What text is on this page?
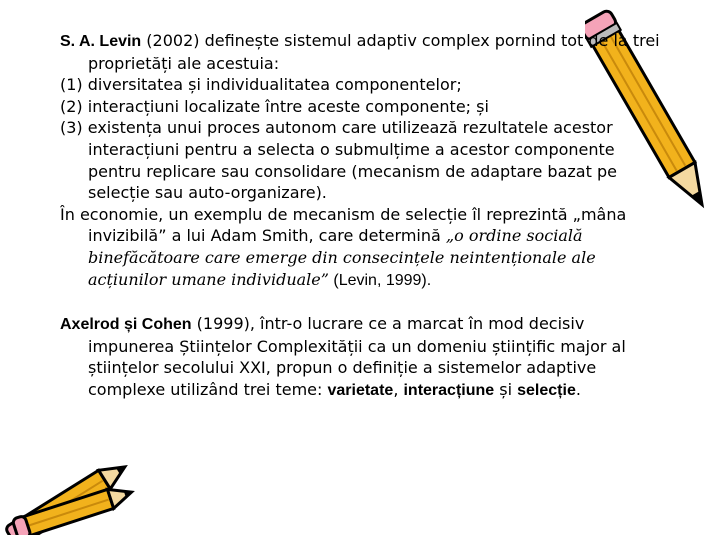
S. A. Levin (2002) definește sistemul adaptiv complex pornind tot de la trei proprietăți ale acestuia:

(1) diversitatea și individualitatea componentelor;

(2) interacțiuni localizate între aceste componente; și

(3) existența unui proces autonom care utilizează rezultatele acestor interacțiuni pentru a selecta o submulțime a acestor componente pentru replicare sau consolidare (mecanism de adaptare bazat pe selecție sau auto-organizare).

În economie, un exemplu de mecanism de selecție îl reprezintă „mâna invizibilă” a lui Adam Smith, care determină „o ordine socială binefăcătoare care emerge din consecințele neintenționale ale acțiunilor umane individuale” (Levin, 1999).

Axelrod și Cohen (1999), într-o lucrare ce a marcat în mod decisiv impunerea Științelor Complexității ca un domeniu științific major al științelor secolului XXI, propun o definiție a sistemelor adaptive complexe utilizând trei teme: varietate, interacțiune și selecție.
